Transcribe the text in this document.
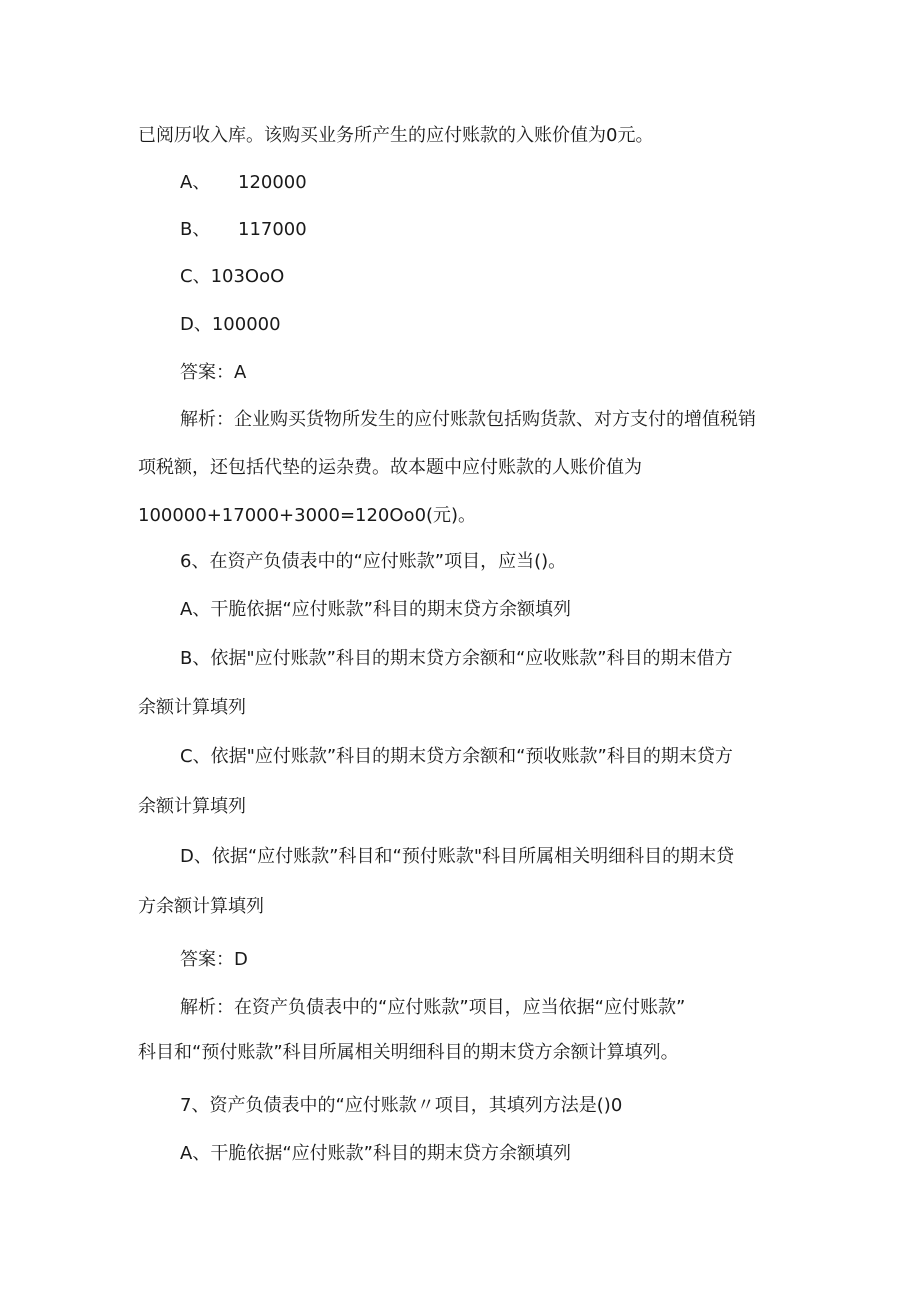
已阅历收入库。该购买业务所产生的应付账款的入账价值为0元。
A、 120000
B、 117000
C、103OoO
D、100000
答案：A
解析：企业购买货物所发生的应付账款包括购货款、对方支付的增值税销
项税额，还包括代垫的运杂费。故本题中应付账款的人账价值为
100000+17000+3000=120Oo0(元)。
6、在资产负债表中的“应付账款”项目，应当()。
A、干脆依据“应付账款”科目的期末贷方余额填列
B、依据"应付账款”科目的期末贷方余额和“应收账款”科目的期末借方
余额计算填列
C、依据"应付账款”科目的期末贷方余额和“预收账款”科目的期末贷方
余额计算填列
D、依据“应付账款”科目和“预付账款"科目所属相关明细科目的期末贷
方余额计算填列
答案：D
解析：在资产负债表中的“应付账款”项目，应当依据“应付账款”
科目和“预付账款”科目所属相关明细科目的期末贷方余额计算填列。
7、资产负债表中的“应付账款〃项目，其填列方法是()0
A、干脆依据“应付账款”科目的期末贷方余额填列
